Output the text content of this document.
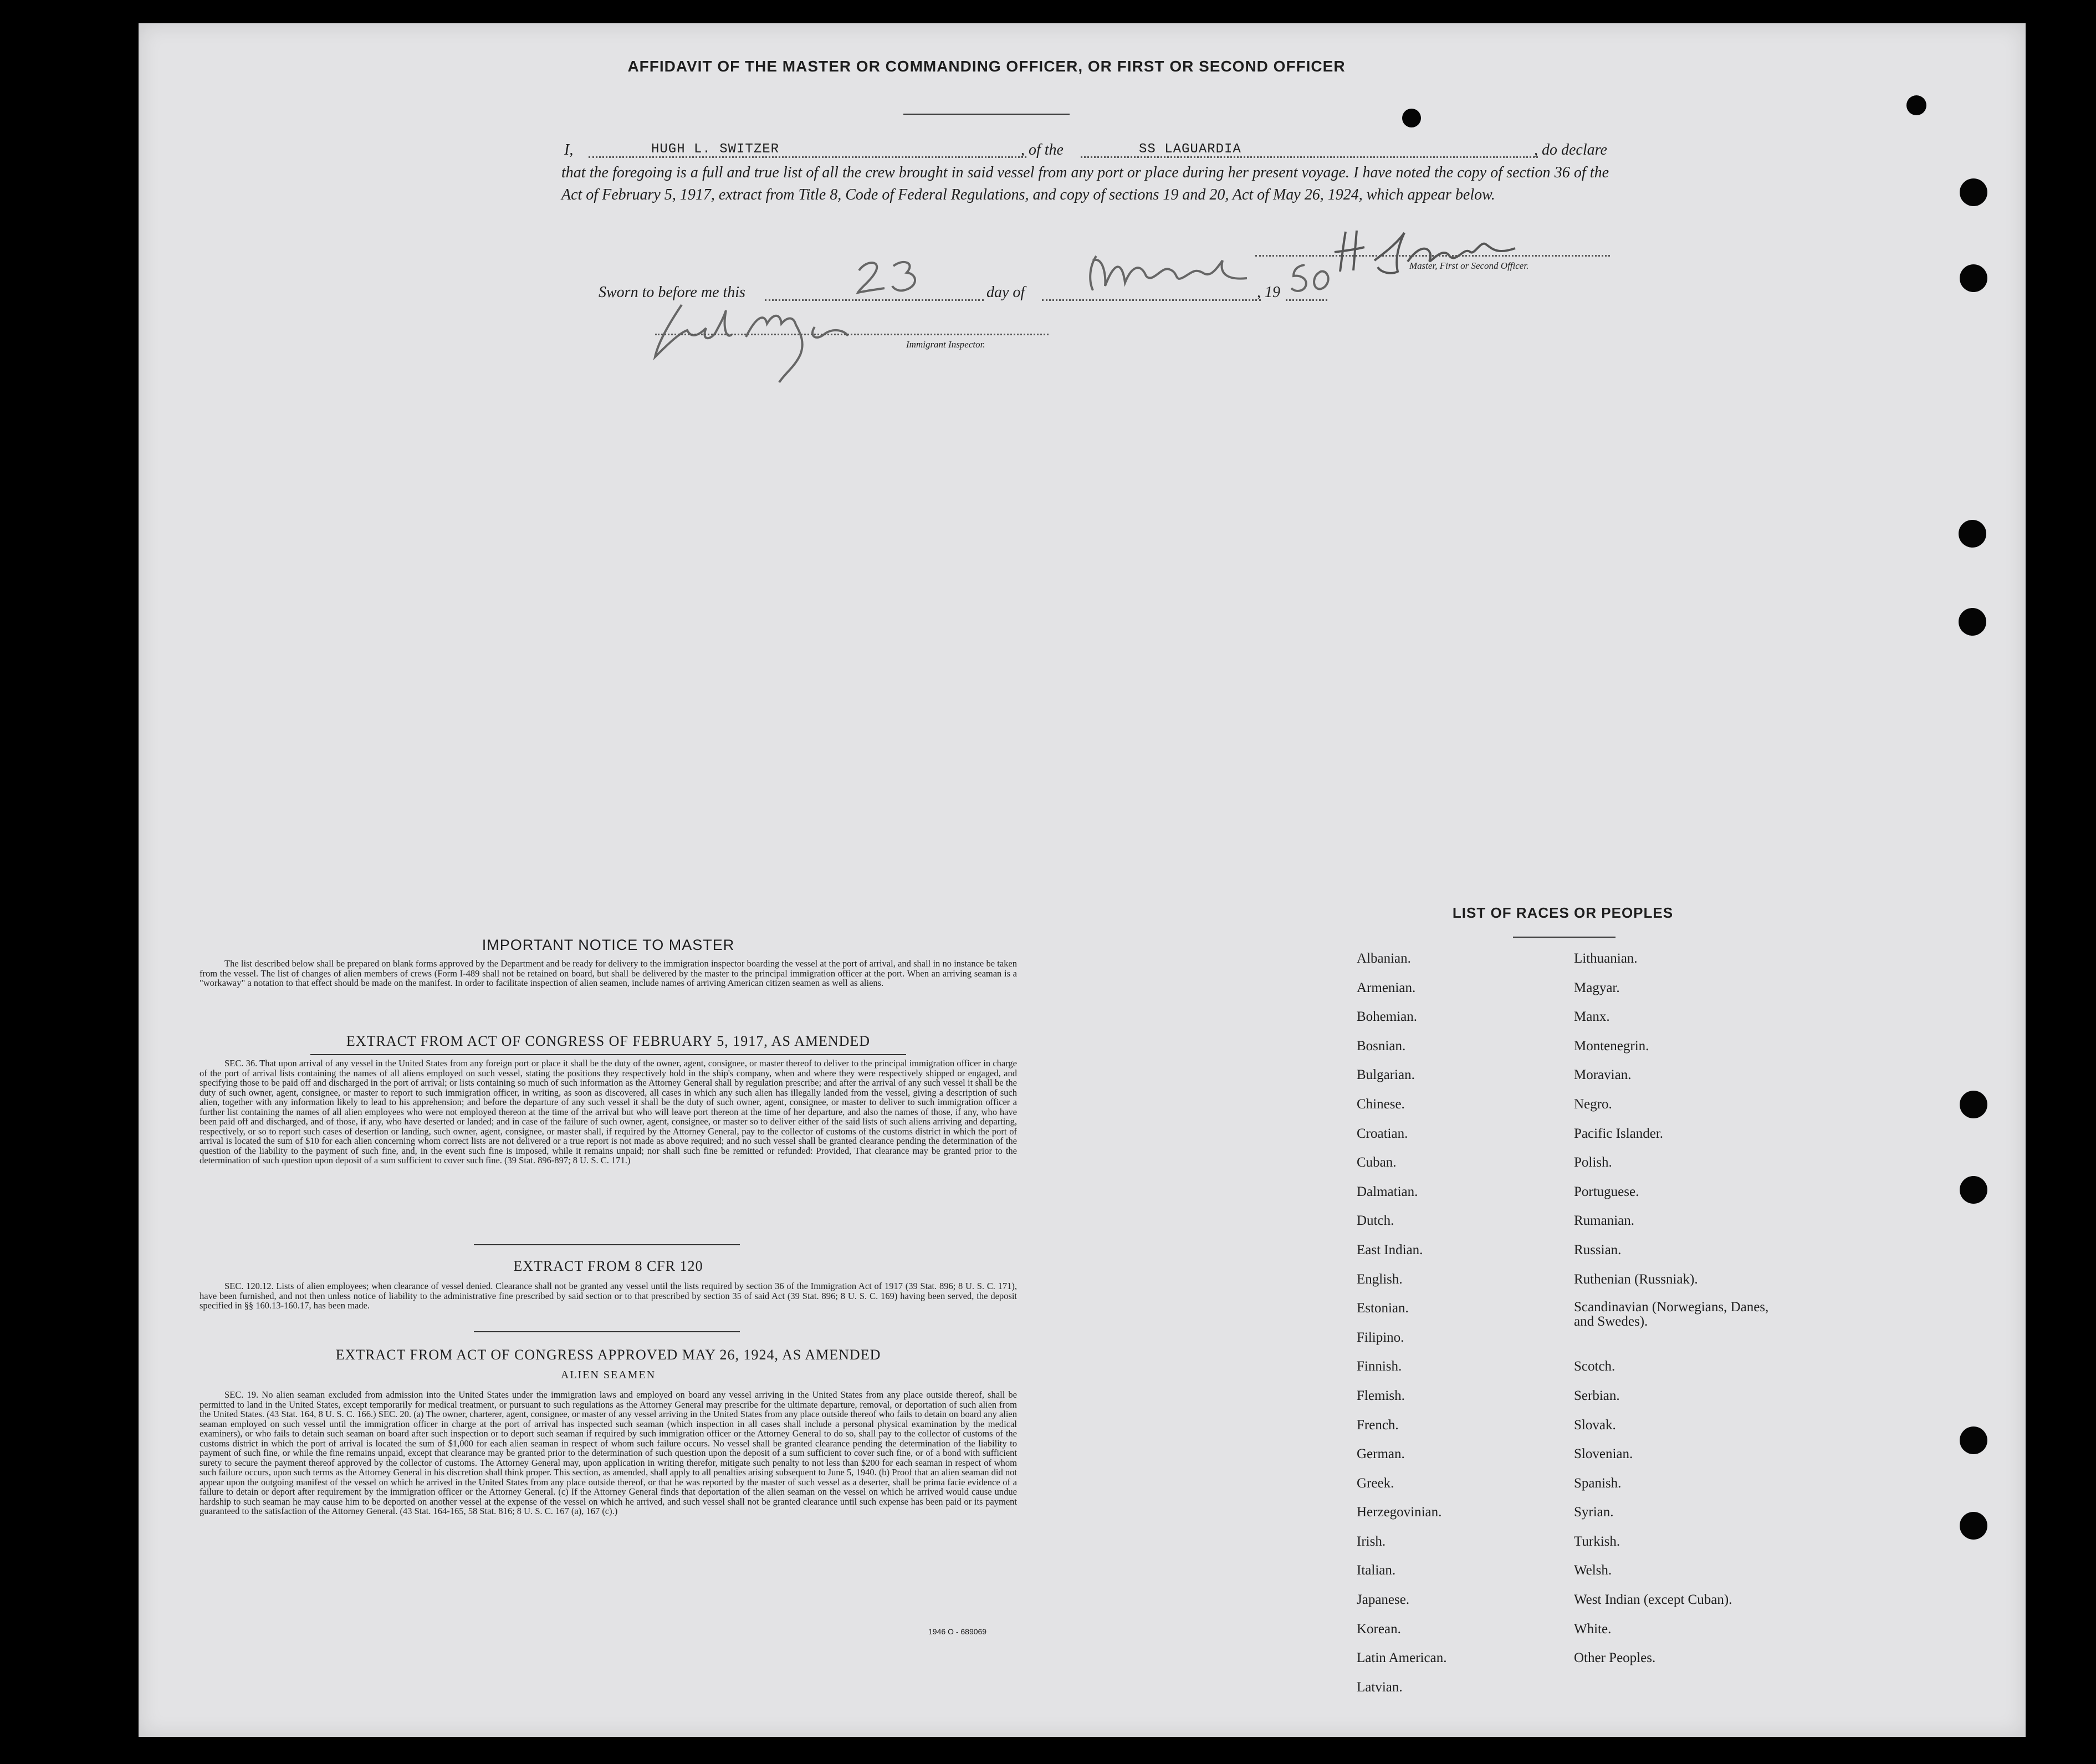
AFFIDAVIT OF THE MASTER OR COMMANDING OFFICER, OR FIRST OR SECOND OFFICER
I,	HUGH L. SWITZER	, of the	SS LAGUARDIA	, do declare
that the foregoing is a full and true list of all the crew brought in said vessel from any port or place during her present voyage. I have noted the copy of section 36 of the Act of February 5, 1917, extract from Title 8, Code of Federal Regulations, and copy of sections 19 and 20, Act of May 26, 1924, which appear below.
Master, First or Second Officer.
Sworn to before me this	day of	, 19
Immigrant Inspector.
IMPORTANT NOTICE TO MASTER
The list described below shall be prepared on blank forms approved by the Department and be ready for delivery to the immigration inspector boarding the vessel at the port of arrival, and shall in no instance be taken from the vessel. The list of changes of alien members of crews (Form I-489 shall not be retained on board, but shall be delivered by the master to the principal immigration officer at the port. When an arriving seaman is a "workaway" a notation to that effect should be made on the manifest. In order to facilitate inspection of alien seamen, include names of arriving American citizen seamen as well as aliens.
EXTRACT FROM ACT OF CONGRESS OF FEBRUARY 5, 1917, AS AMENDED
SEC. 36. That upon arrival of any vessel in the United States from any foreign port or place it shall be the duty of the owner, agent, consignee, or master thereof to deliver to the principal immigration officer in charge of the port of arrival lists containing the names of all aliens employed on such vessel, stating the positions they respectively hold in the ship's company, when and where they were respectively shipped or engaged, and specifying those to be paid off and discharged in the port of arrival; or lists containing so much of such information as the Attorney General shall by regulation prescribe; and after the arrival of any such vessel it shall be the duty of such owner, agent, consignee, or master to report to such immigration officer, in writing, as soon as discovered, all cases in which any such alien has illegally landed from the vessel, giving a description of such alien, together with any information likely to lead to his apprehension; and before the departure of any such vessel it shall be the duty of such owner, agent, consignee, or master to deliver to such immigration officer a further list containing the names of all alien employees who were not employed thereon at the time of the arrival but who will leave port thereon at the time of her departure, and also the names of those, if any, who have been paid off and discharged, and of those, if any, who have deserted or landed; and in case of the failure of such owner, agent, consignee, or master so to deliver either of the said lists of such aliens arriving and departing, respectively, or so to report such cases of desertion or landing, such owner, agent, consignee, or master shall, if required by the Attorney General, pay to the collector of customs of the customs district in which the port of arrival is located the sum of $10 for each alien concerning whom correct lists are not delivered or a true report is not made as above required; and no such vessel shall be granted clearance pending the determination of the question of the liability to the payment of such fine, and, in the event such fine is imposed, while it remains unpaid; nor shall such fine be remitted or refunded: Provided, That clearance may be granted prior to the determination of such question upon deposit of a sum sufficient to cover such fine. (39 Stat. 896-897; 8 U. S. C. 171.)
EXTRACT FROM 8 CFR 120
SEC. 120.12. Lists of alien employees; when clearance of vessel denied. Clearance shall not be granted any vessel until the lists required by section 36 of the Immigration Act of 1917 (39 Stat. 896; 8 U. S. C. 171), have been furnished, and not then unless notice of liability to the administrative fine prescribed by said section or to that prescribed by section 35 of said Act (39 Stat. 896; 8 U. S. C. 169) having been served, the deposit specified in §§ 160.13-160.17, has been made.
EXTRACT FROM ACT OF CONGRESS APPROVED MAY 26, 1924, AS AMENDED
ALIEN SEAMEN
SEC. 19. No alien seaman excluded from admission into the United States under the immigration laws and employed on board any vessel arriving in the United States from any place outside thereof, shall be permitted to land in the United States, except temporarily for medical treatment, or pursuant to such regulations as the Attorney General may prescribe for the ultimate departure, removal, or deportation of such alien from the United States. (43 Stat. 164, 8 U. S. C. 166.) SEC. 20. (a) The owner, charterer, agent, consignee, or master of any vessel arriving in the United States from any place outside thereof who fails to detain on board any alien seaman employed on such vessel until the immigration officer in charge at the port of arrival has inspected such seaman (which inspection in all cases shall include a personal physical examination by the medical examiners), or who fails to detain such seaman on board after such inspection or to deport such seaman if required by such immigration officer or the Attorney General to do so, shall pay to the collector of customs of the customs district in which the port of arrival is located the sum of $1,000 for each alien seaman in respect of whom such failure occurs. No vessel shall be granted clearance pending the determination of the liability to payment of such fine, or while the fine remains unpaid, except that clearance may be granted prior to the determination of such question upon the deposit of a sum sufficient to cover such fine, or of a bond with sufficient surety to secure the payment thereof approved by the collector of customs. The Attorney General may, upon application in writing therefor, mitigate such penalty to not less than $200 for each seaman in respect of whom such failure occurs, upon such terms as the Attorney General in his discretion shall think proper. This section, as amended, shall apply to all penalties arising subsequent to June 5, 1940. (b) Proof that an alien seaman did not appear upon the outgoing manifest of the vessel on which he arrived in the United States from any place outside thereof, or that he was reported by the master of such vessel as a deserter, shall be prima facie evidence of a failure to detain or deport after requirement by the immigration officer or the Attorney General. (c) If the Attorney General finds that deportation of the alien seaman on the vessel on which he arrived would cause undue hardship to such seaman he may cause him to be deported on another vessel at the expense of the vessel on which he arrived, and such vessel shall not be granted clearance until such expense has been paid or its payment guaranteed to the satisfaction of the Attorney General. (43 Stat. 164-165, 58 Stat. 816; 8 U. S. C. 167 (a), 167 (c).)
1946 O - 689069
LIST OF RACES OR PEOPLES
Albanian.
Armenian.
Bohemian.
Bosnian.
Bulgarian.
Chinese.
Croatian.
Cuban.
Dalmatian.
Dutch.
East Indian.
English.
Estonian.
Filipino.
Finnish.
Flemish.
French.
German.
Greek.
Herzegovinian.
Irish.
Italian.
Japanese.
Korean.
Latin American.
Latvian.
Lithuanian.
Magyar.
Manx.
Montenegrin.
Moravian.
Negro.
Pacific Islander.
Polish.
Portuguese.
Rumanian.
Russian.
Ruthenian (Russniak).
Scandinavian (Norwegians, Danes, and Swedes).
Scotch.
Serbian.
Slovak.
Slovenian.
Spanish.
Syrian.
Turkish.
Welsh.
West Indian (except Cuban).
White.
Other Peoples.
